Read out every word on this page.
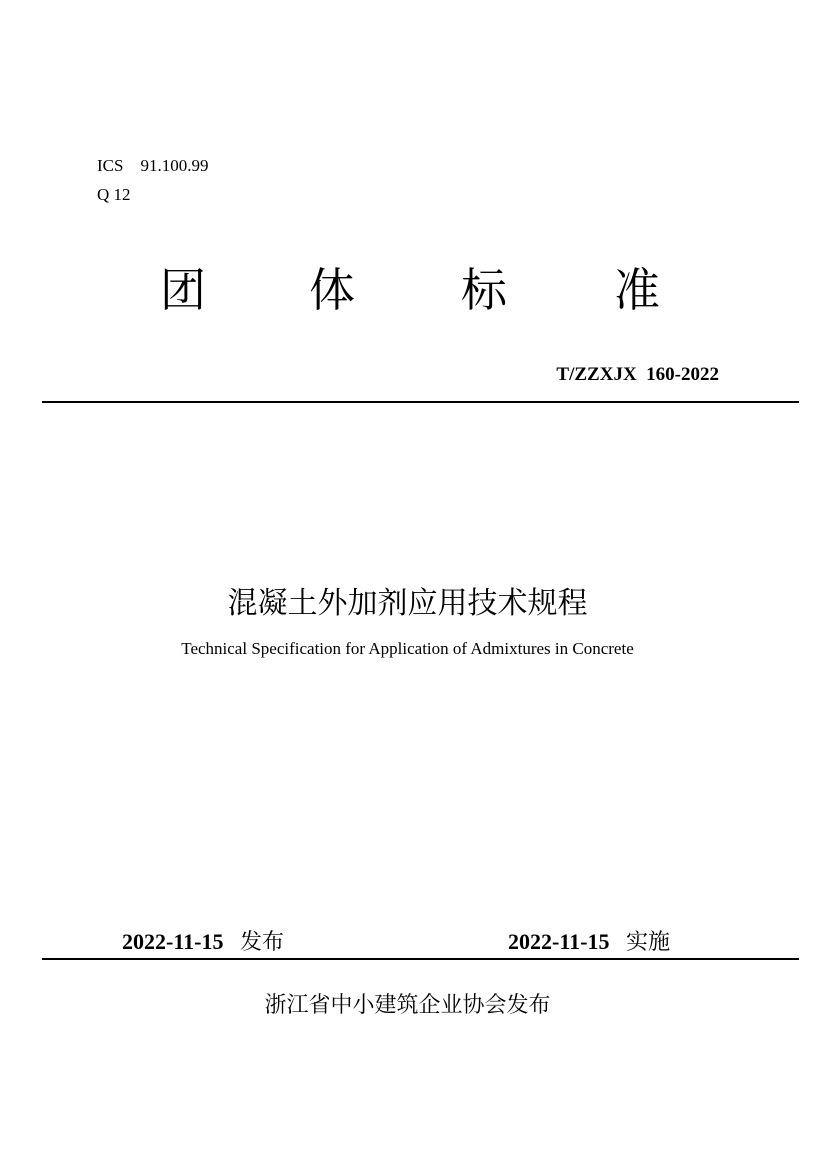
ICS    91.100.99
Q 12
团 体 标 准
T/ZZXJX  160-2022
混凝土外加剂应用技术规程
Technical Specification for Application of Admixtures in Concrete
2022-11-15 发布	2022-11-15 实施
浙江省中小建筑企业协会发布
